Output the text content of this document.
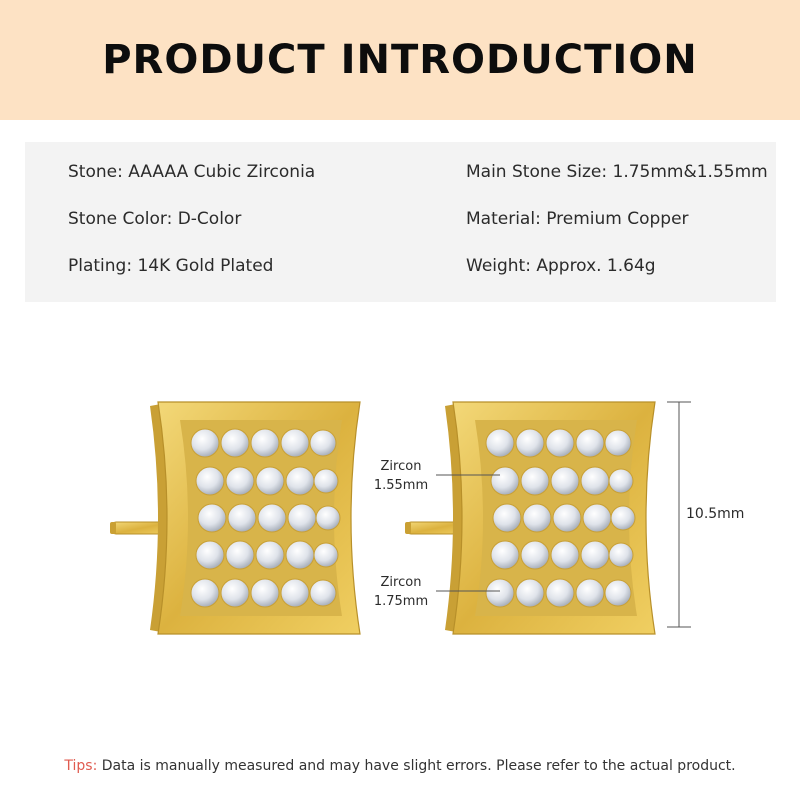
PRODUCT INTRODUCTION
Stone: AAAAA Cubic Zirconia	Main Stone Size: 1.75mm&1.55mm
Stone Color: D-Color	Material: Premium Copper
Plating: 14K Gold Plated	Weight: Approx. 1.64g
Zircon
1.55mm
Zircon
1.75mm
10.5mm
Tips: Data is manually measured and may have slight errors. Please refer to the actual product.
